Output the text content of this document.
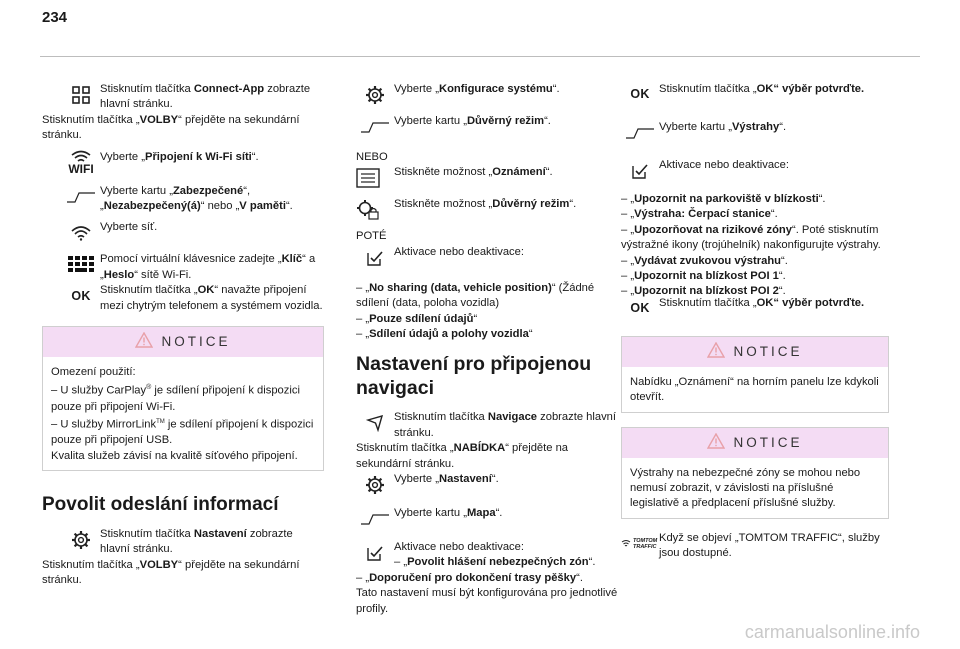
234
Stisknutím tlačítka Connect-App zobrazte hlavní stránku.
Stisknutím tlačítka „VOLBY“ přejděte na sekundární stránku.
WIFI
Vyberte „Připojení k Wi-Fi síti“.
Vyberte kartu „Zabezpečené“, „Nezabezpečený(á)“ nebo „V paměti“.
Vyberte síť.
Pomocí virtuální klávesnice zadejte „Klíč“ a „Heslo“ sítě Wi-Fi.
OK Stisknutím tlačítka „OK“ navažte připojení mezi chytrým telefonem a systémem vozidla.
NOTICE
Omezení použití:
– U služby CarPlay® je sdílení připojení k dispozici pouze při připojení Wi-Fi.
– U služby MirrorLink™ je sdílení připojení k dispozici pouze při připojení USB.
Kvalita služeb závisí na kvalitě síťového připojení.
Povolit odeslání informací
Stisknutím tlačítka Nastavení zobrazte hlavní stránku.
Stisknutím tlačítka „VOLBY“ přejděte na sekundární stránku.
Vyberte „Konfigurace systému“.
Vyberte kartu „Důvěrný režim“.
NEBO
Stiskněte možnost „Oznámení“.
Stiskněte možnost „Důvěrný režim“.
POTÉ
Aktivace nebo deaktivace:
– „No sharing (data, vehicle position)“ (Žádné sdílení (data, poloha vozidla)
– „Pouze sdílení údajů“
– „Sdílení údajů a polohy vozidla“
Nastavení pro připojenou navigaci
Stisknutím tlačítka Navigace zobrazte hlavní stránku.
Stisknutím tlačítka „NABÍDKA“ přejděte na sekundární stránku.
Vyberte „Nastavení“.
Vyberte kartu „Mapa“.
Aktivace nebo deaktivace:
– „Povolit hlášení nebezpečných zón“.
– „Doporučení pro dokončení trasy pěšky“.
Tato nastavení musí být konfigurována pro jednotlivé profily.
OK Stisknutím tlačítka „OK“ výběr potvrďte.
Vyberte kartu „Výstrahy“.
Aktivace nebo deaktivace:
– „Upozornit na parkoviště v blízkosti“.
– „Výstraha: Čerpací stanice“.
– „Upozorňovat na rizikové zóny“. Poté stisknutím výstražné ikony (trojúhelník) nakonfigurujte výstrahy.
– „Vydávat zvukovou výstrahu“.
– „Upozornit na blízkost POI 1“.
– „Upozornit na blízkost POI 2“.
OK Stisknutím tlačítka „OK“ výběr potvrďte.
NOTICE
Nabídku „Oznámení“ na horním panelu lze kdykoli otevřít.
NOTICE
Výstrahy na nebezpečné zóny se mohou nebo nemusí zobrazit, v závislosti na příslušné legislativě a předplacení příslušné služby.
TOMTOM
TRAFFIC
Když se objeví „TOMTOM TRAFFIC“, služby jsou dostupné.
carmanualsonline.info
